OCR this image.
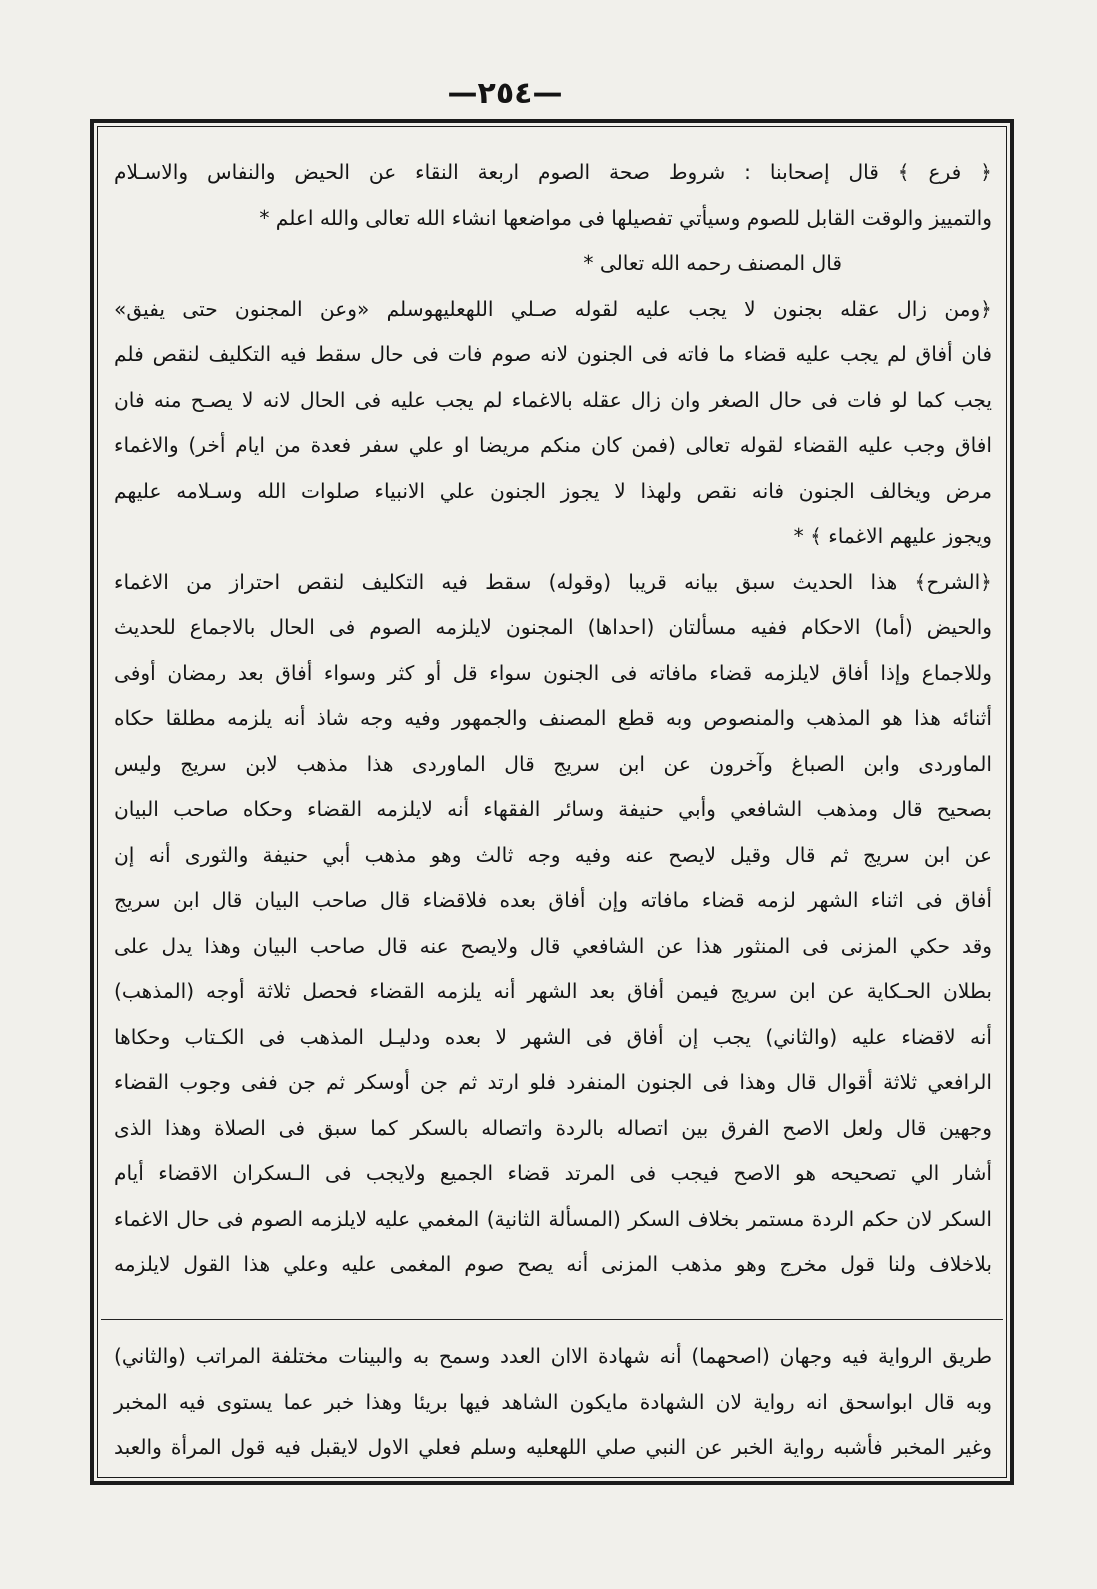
—٢٥٤—
﴿ فرع ﴾ قال إصحابنا : شروط صحة الصوم اربعة النقاء عن الحيض والنفاس والاسـلام
والتمييز والوقت القابل للصوم وسيأتي تفصيلها فى مواضعها انشاء الله تعالى والله اعلم *
قال المصنف رحمه الله تعالى *
﴿ومن زال عقله بجنون لا يجب عليه لقوله صـلي اللهعليهوسلم «وعن المجنون حتى يفيق»
فان أفاق لم يجب عليه قضاء ما فاته فى الجنون لانه صوم فات فى حال سقط فيه التكليف لنقص فلم
يجب كما لو فات فى حال الصغر وان زال عقله بالاغماء لم يجب عليه فى الحال لانه لا يصـح منه فان
افاق وجب عليه القضاء لقوله تعالى (فمن كان منكم مريضا او علي سفر فعدة من ايام أخر) والاغماء
مرض ويخالف الجنون فانه نقص ولهذا لا يجوز الجنون علي الانبياء صلوات الله وسـلامه عليهم
ويجوز عليهم الاغماء ﴾ *
﴿الشرح﴾ هذا الحديث سبق بيانه قريبا (وقوله) سقط فيه التكليف لنقص احتراز من الاغماء
والحيض (أما) الاحكام ففيه مسألتان (احداها) المجنون لايلزمه الصوم فى الحال بالاجماع للحديث
وللاجماع وإذا أفاق لايلزمه قضاء مافاته فى الجنون سواء قل أو كثر وسواء أفاق بعد رمضان أوفى
أثنائه هذا هو المذهب والمنصوص وبه قطع المصنف والجمهور وفيه وجه شاذ أنه يلزمه مطلقا حكاه
الماوردى وابن الصباغ وآخرون عن ابن سريج قال الماوردى هذا مذهب لابن سريج وليس
بصحيح قال ومذهب الشافعي وأبي حنيفة وسائر الفقهاء أنه لايلزمه القضاء وحكاه صاحب البيان
عن ابن سريج ثم قال وقيل لايصح عنه وفيه وجه ثالث وهو مذهب أبي حنيفة والثورى أنه إن
أفاق فى اثناء الشهر لزمه قضاء مافاته وإن أفاق بعده فلاقضاء قال صاحب البيان قال ابن سريج
وقد حكي المزنى فى المنثور هذا عن الشافعي قال ولايصح عنه قال صاحب البيان وهذا يدل على
بطلان الحـكاية عن ابن سريج فيمن أفاق بعد الشهر أنه يلزمه القضاء فحصل ثلاثة أوجه (المذهب)
أنه لاقضاء عليه (والثاني) يجب إن أفاق فى الشهر لا بعده ودليـل المذهب فى الكـتاب وحكاها
الرافعي ثلاثة أقوال قال وهذا فى الجنون المنفرد فلو ارتد ثم جن أوسكر ثم جن ففى وجوب القضاء
وجهين قال ولعل الاصح الفرق بين اتصاله بالردة واتصاله بالسكر كما سبق فى الصلاة وهذا الذى
أشار الي تصحيحه هو الاصح فيجب فى المرتد قضاء الجميع ولايجب فى الـسكران الاقضاء أيام
السكر لان حكم الردة مستمر بخلاف السكر (المسألة الثانية) المغمي عليه لايلزمه الصوم فى حال الاغماء
بلاخلاف ولنا قول مخرج وهو مذهب المزنى أنه يصح صوم المغمى عليه وعلي هذا القول لايلزمه
طريق الرواية فيه وجهان (اصحهما) أنه شهادة الاان العدد وسمح به والبينات مختلفة المراتب (والثاني)
وبه قال ابواسحق انه رواية لان الشهادة مايكون الشاهد فيها بريئا وهذا خبر عما يستوى فيه المخبر
وغير المخبر فأشبه رواية الخبر عن النبي صلي اللهعليه وسلم فعلي الاول لايقبل فيه قول المرأة والعبد
